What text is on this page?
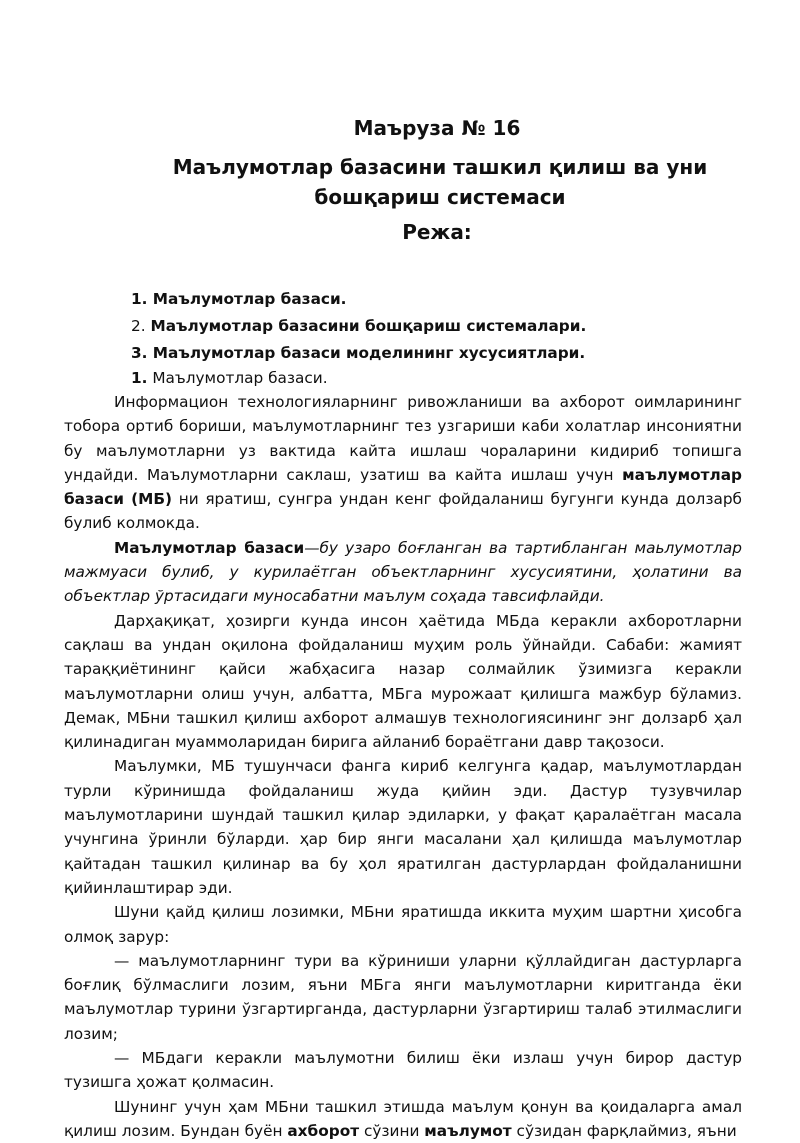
Маъруза № 16
Маълумотлар базасини ташкил қилиш ва уни бошқариш системаси
Режа:
1. Маълумотлар базаси.
2. Маълумотлар базасини бошқариш системалари.
3. Маълумотлар базаси моделининг хусусиятлари.
1. Маълумотлар базаси.

Информацион технологияларнинг ривожланиши ва ахборот оимларининг тобора ортиб бориши, маълумотларнинг тез узгариши каби холатлар инсониятни бу маълумотларни уз вактида кайта ишлаш чораларини кидириб топишга ундайди. Маълумотларни саклаш, узатиш ва кайта ишлаш учун маълумотлар базаси (МБ) ни яратиш, сунгра ундан кенг фойдаланиш бугунги кунда долзарб булиб колмокда.

Маълумотлар базаси—бу узаро боғланган ва тартибланган маьлумотлар мажмуаси булиб, у курилаётган объектларнинг хусусиятини, ҳолатини ва объектлар ўртасидаги муносабатни маълум соҳада тавсифлайди.

Дарҳақиқат, ҳозирги кунда инсон ҳаётида МБда керакли ахборотларни сақлаш ва ундан оқилона фойдаланиш муҳим роль ўйнайди. Сабаби: жамият тараққиётининг қайси жабҳасига назар солмайлик ўзимизга керакли маълумотларни олиш учун, албатта, МБга мурожаат қилишга мажбур бўламиз. Демак, МБни ташкил қилиш ахборот алмашув технологиясининг энг долзарб ҳал қилинадиган муаммоларидан бирига айланиб бораётгани давр тақозоси.

Маълумки, МБ тушунчаси фанга кириб келгунга қадар, маълумотлардан турли кўринишда фойдаланиш жуда қийин эди. Дастур тузувчилар маълумотларини шундай ташкил қилар эдиларки, у фақат қаралаётган масала учунгина ўринли бўларди. ҳар бир янги масалани ҳал қилишда маълумотлар қайтадан ташкил қилинар ва бу ҳол яратилган дастурлардан фойдаланишни қийинлаштирар эди.

Шуни қайд қилиш лозимки, МБни яратишда иккита муҳим шартни ҳисобга олмоқ зарур:

— маълумотларнинг тури ва кўриниши уларни қўллайдиган дастурларга боғлиқ бўлмаслиги лозим, яъни МБга янги маълумотларни киритганда ёки маълумотлар турини ўзгартирганда, дастурларни ўзгартириш талаб этилмаслиги лозим;

— МБдаги керакли маълумотни билиш ёки излаш учун бирор дастур тузишга ҳожат қолмасин.

Шунинг учун ҳам МБни ташкил этишда маълум қонун ва қоидаларга амал қилиш лозим. Бундан буён ахборот сўзини маълумот сўзидан фарқлаймиз, яъни
